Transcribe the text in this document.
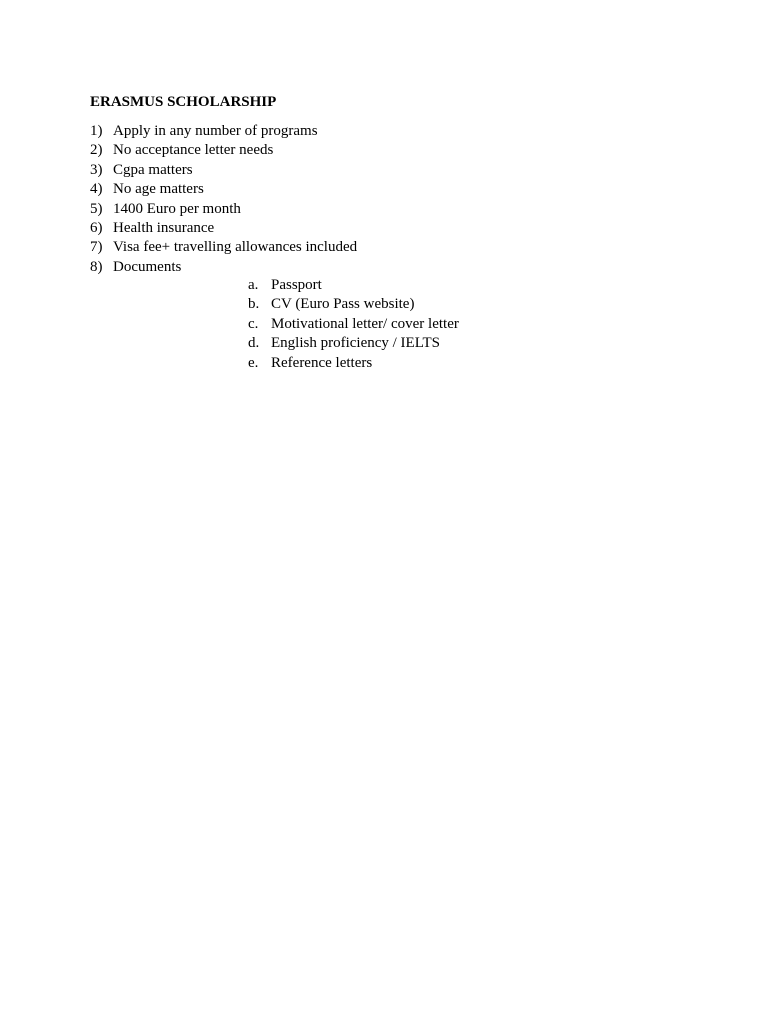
ERASMUS SCHOLARSHIP
1) Apply in any number of programs
2) No acceptance letter needs
3) Cgpa matters
4) No age matters
5) 1400 Euro per month
6) Health insurance
7) Visa fee+ travelling allowances included
8) Documents
a. Passport
b. CV (Euro Pass website)
c. Motivational letter/ cover letter
d. English proficiency / IELTS
e. Reference letters
